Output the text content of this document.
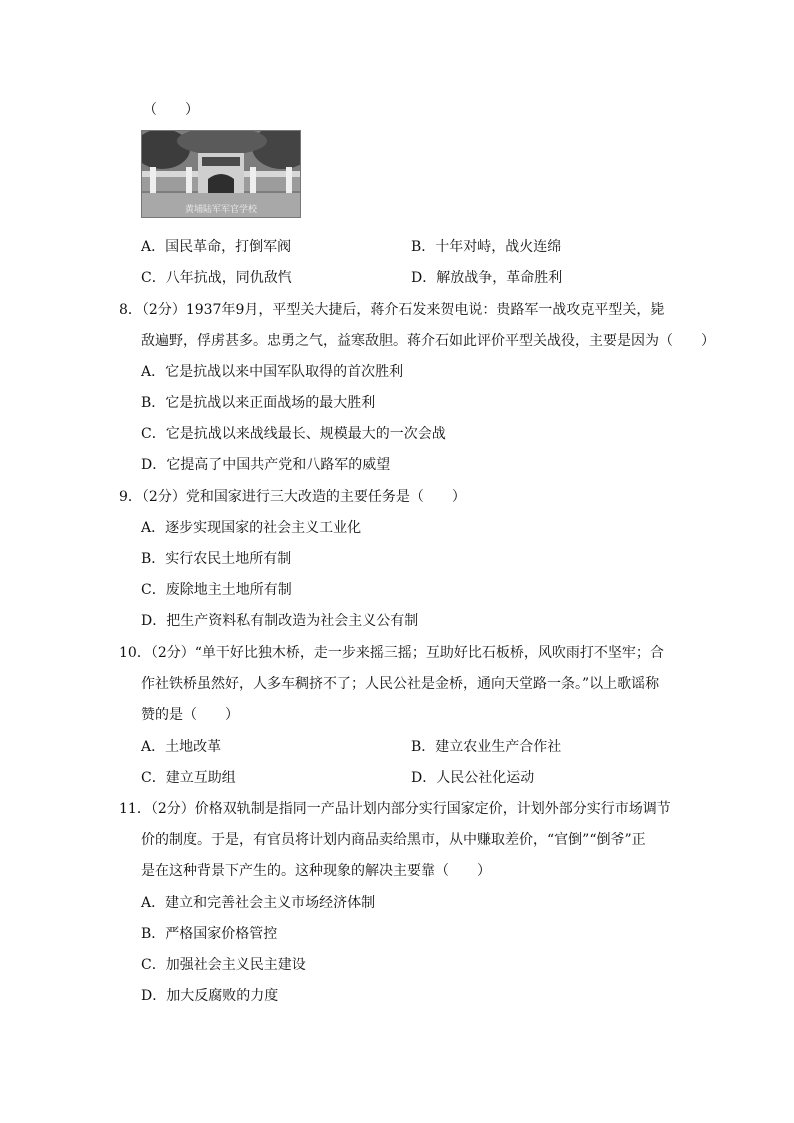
（　　）
黄埔陆军军官学校
A．国民革命，打倒军阀	B．十年对峙，战火连绵
C．八年抗战，同仇敌忾	D．解放战争，革命胜利
8．（2分）1937年9月，平型关大捷后，蒋介石发来贺电说：贵路军一战攻克平型关，毙
敌遍野，俘虏甚多。忠勇之气，益寒敌胆。蒋介石如此评价平型关战役，主要是因为（　　）
A．它是抗战以来中国军队取得的首次胜利
B．它是抗战以来正面战场的最大胜利
C．它是抗战以来战线最长、规模最大的一次会战
D．它提高了中国共产党和八路军的威望
9．（2分）党和国家进行三大改造的主要任务是（　　）
A．逐步实现国家的社会主义工业化
B．实行农民土地所有制
C．废除地主土地所有制
D．把生产资料私有制改造为社会主义公有制
10．（2分）“单干好比独木桥，走一步来摇三摇；互助好比石板桥，风吹雨打不坚牢；合
作社铁桥虽然好，人多车稠挤不了；人民公社是金桥，通向天堂路一条。”以上歌谣称
赞的是（　　）
A．土地改革	B．建立农业生产合作社
C．建立互助组	D．人民公社化运动
11．（2分）价格双轨制是指同一产品计划内部分实行国家定价，计划外部分实行市场调节
价的制度。于是，有官员将计划内商品卖给黑市，从中赚取差价，“官倒”“倒爷”正
是在这种背景下产生的。这种现象的解决主要靠（　　）
A．建立和完善社会主义市场经济体制
B．严格国家价格管控
C．加强社会主义民主建设
D．加大反腐败的力度
